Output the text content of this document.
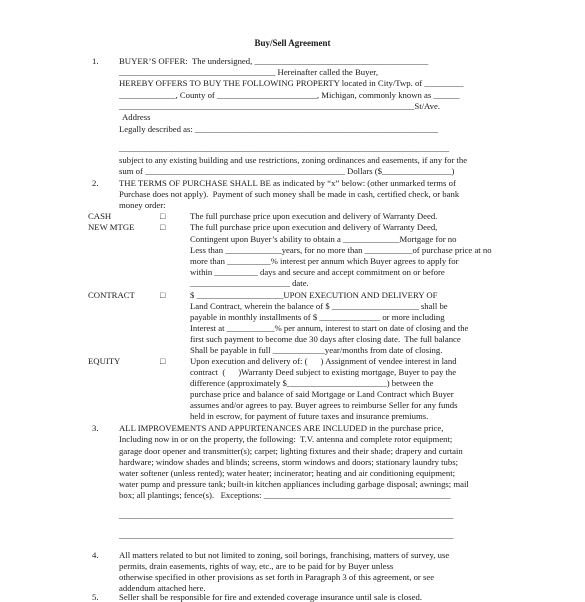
Buy/Sell Agreement
1. BUYER’S OFFER:  The undersigned, ________________________________________
____________________________________ Hereinafter called the Buyer,
HEREBY OFFERS TO BUY THE FOLLOWING PROPERTY located in City/Twp. of _________
_____________, County of _______________________, Michigan, commonly known as ______
____________________________________________________________________St/Ave.
Address
Legally described as: ________________________________________________________
____________________________________________________________________________
subject to any existing building and use restrictions, zoning ordinances and easements, if any for the
sum of ______________________________________________ Dollars ($________________)
2. THE TERMS OF PURCHASE SHALL BE as indicated by “x” below: (other unmarked terms of
Purchase does not apply).  Payment of such money shall be made in cash, certified check, or bank
money order:
CASH	□	The full purchase price upon execution and delivery of Warranty Deed.
NEW MTGE	□	The full purchase price upon execution and delivery of Warranty Deed,
Contingent upon Buyer’s ability to obtain a _____________Mortgage for no
Less than _____________years, for no more than ___________of purchase price at no
more than __________% interest per annum which Buyer agrees to apply for
within __________ days and secure and accept commitment on or before
_______________________ date.
CONTRACT	□	$ ____________________UPON EXECUTION AND DELIVERY OF
Land Contract, wherein the balance of $ ____________________ shall be
payable in monthly installments of $ ______________ or more including
Interest at ___________% per annum, interest to start on date of closing and the
first such payment to become due 30 days after closing date.  The full balance
Shall be payable in full ____________year/months from date of closing.
EQUITY	□	Upon execution and delivery of: (      ) Assignment of vendee interest in land
contract  (      )Warranty Deed subject to existing mortgage, Buyer to pay the
difference (approximately $_______________________) between the
purchase price and balance of said Mortgage or Land Contract which Buyer
assumes and/or agrees to pay. Buyer agrees to reimburse Seller for any funds
held in escrow, for payment of future taxes and insurance premiums.
3. ALL IMPROVEMENTS AND APPURTENANCES ARE INCLUDED in the purchase price,
Including now in or on the property, the following:  T.V. antenna and complete rotor equipment;
garage door opener and transmitter(s); carpet; lighting fixtures and their shade; drapery and curtain
hardware; window shades and blinds; screens, storm windows and doors; stationary laundry tubs;
water softener (unless rented); water heater; incinerator; heating and air conditioning equipment;
water pump and pressure tank; built-in kitchen appliances including garbage disposal; awnings; mail
box; all plantings; fence(s).   Exceptions: ___________________________________________
_____________________________________________________________________________
_____________________________________________________________________________
4. All matters related to but not limited to zoning, soil borings, franchising, matters of survey, use
permits, drain easements, rights of way, etc., are to be paid for by Buyer unless
otherwise specified in other provisions as set forth in Paragraph 3 of this agreement, or see
addendum attached here.
5. Seller shall be responsible for fire and extended coverage insurance until sale is closed.
